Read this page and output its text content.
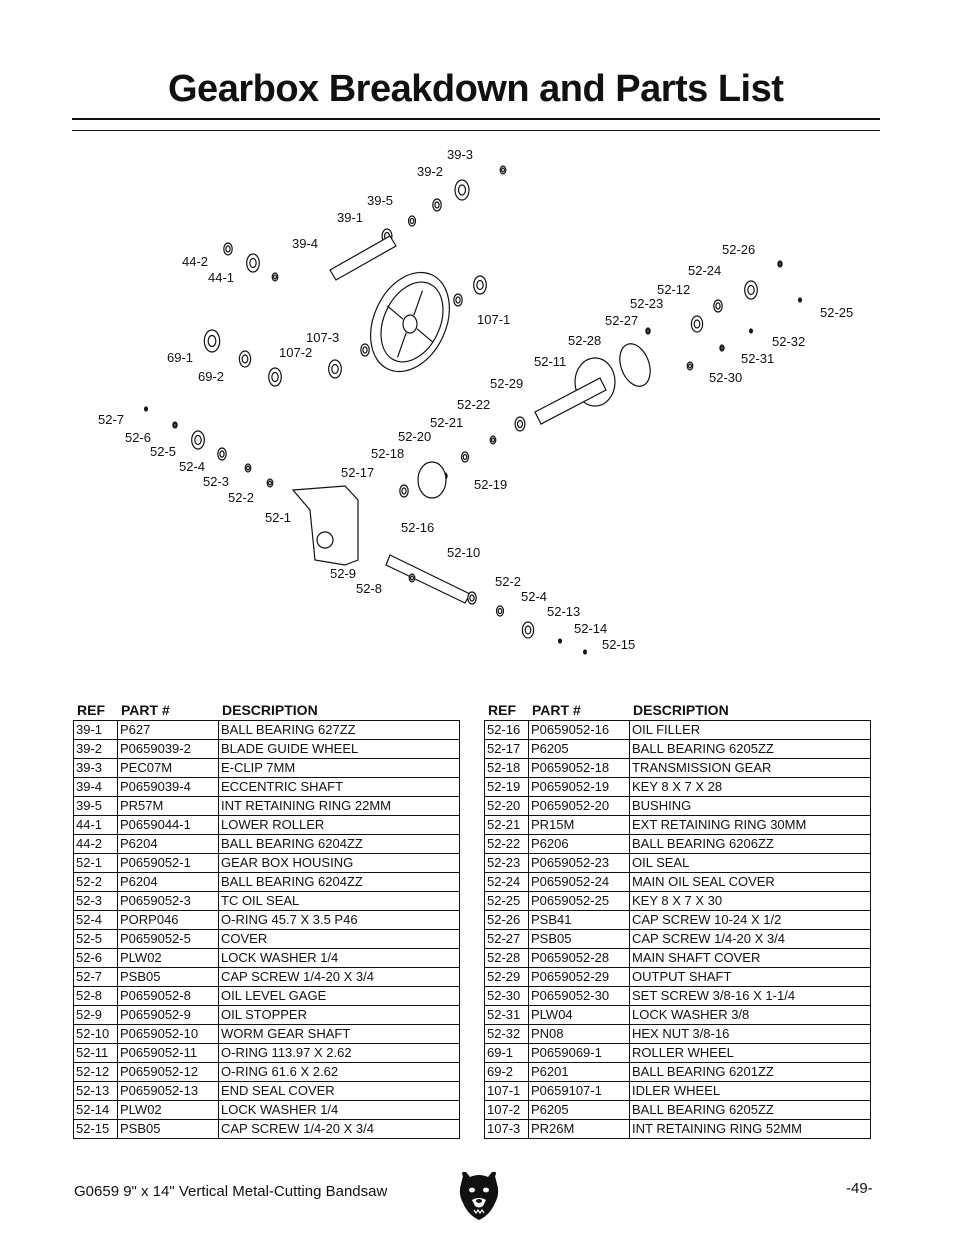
Gearbox Breakdown and Parts List
39-3
39-2
39-5
39-1
39-4
44-2
44-1
52-26
52-24
52-12
52-23
52-27
52-25
107-1
107-3
107-2
69-1
69-2
52-28
52-11
52-32
52-31
52-30
52-29
52-7
52-6
52-5
52-22
52-21
52-20
52-18
52-4
52-3
52-2
52-17
52-19
52-1
52-16
52-10
52-9
52-8	52-2
52-4
52-13
52-14
52-15
REF	PART #	DESCRIPTION
39-1	P627	BALL BEARING 627ZZ
39-2	P0659039-2	BLADE GUIDE WHEEL
39-3	PEC07M	E-CLIP 7MM
39-4	P0659039-4	ECCENTRIC SHAFT
39-5	PR57M	INT RETAINING RING 22MM
44-1	P0659044-1	LOWER ROLLER
44-2	P6204	BALL BEARING 6204ZZ
52-1	P0659052-1	GEAR BOX HOUSING
52-2	P6204	BALL BEARING 6204ZZ
52-3	P0659052-3	TC OIL SEAL
52-4	PORP046	O-RING 45.7 X 3.5 P46
52-5	P0659052-5	COVER
52-6	PLW02	LOCK WASHER 1/4
52-7	PSB05	CAP SCREW 1/4-20 X 3/4
52-8	P0659052-8	OIL LEVEL GAGE
52-9	P0659052-9	OIL STOPPER
52-10	P0659052-10	WORM GEAR SHAFT
52-11	P0659052-11	O-RING 113.97 X 2.62
52-12	P0659052-12	O-RING 61.6 X 2.62
52-13	P0659052-13	END SEAL COVER
52-14	PLW02	LOCK WASHER 1/4
52-15	PSB05	CAP SCREW 1/4-20 X 3/4
REF	PART #	DESCRIPTION
52-16	P0659052-16	OIL FILLER
52-17	P6205	BALL BEARING 6205ZZ
52-18	P0659052-18	TRANSMISSION GEAR
52-19	P0659052-19	KEY 8 X 7 X 28
52-20	P0659052-20	BUSHING
52-21	PR15M	EXT RETAINING RING 30MM
52-22	P6206	BALL BEARING 6206ZZ
52-23	P0659052-23	OIL SEAL
52-24	P0659052-24	MAIN OIL SEAL COVER
52-25	P0659052-25	KEY 8 X 7 X 30
52-26	PSB41	CAP SCREW 10-24 X 1/2
52-27	PSB05	CAP SCREW 1/4-20 X 3/4
52-28	P0659052-28	MAIN SHAFT COVER
52-29	P0659052-29	OUTPUT SHAFT
52-30	P0659052-30	SET SCREW 3/8-16 X 1-1/4
52-31	PLW04	LOCK WASHER 3/8
52-32	PN08	HEX NUT 3/8-16
69-1	P0659069-1	ROLLER WHEEL
69-2	P6201	BALL BEARING 6201ZZ
107-1	P0659107-1	IDLER WHEEL
107-2	P6205	BALL BEARING 6205ZZ
107-3	PR26M	INT RETAINING RING 52MM
G0659 9" x 14" Vertical Metal-Cutting Bandsaw	-49-
